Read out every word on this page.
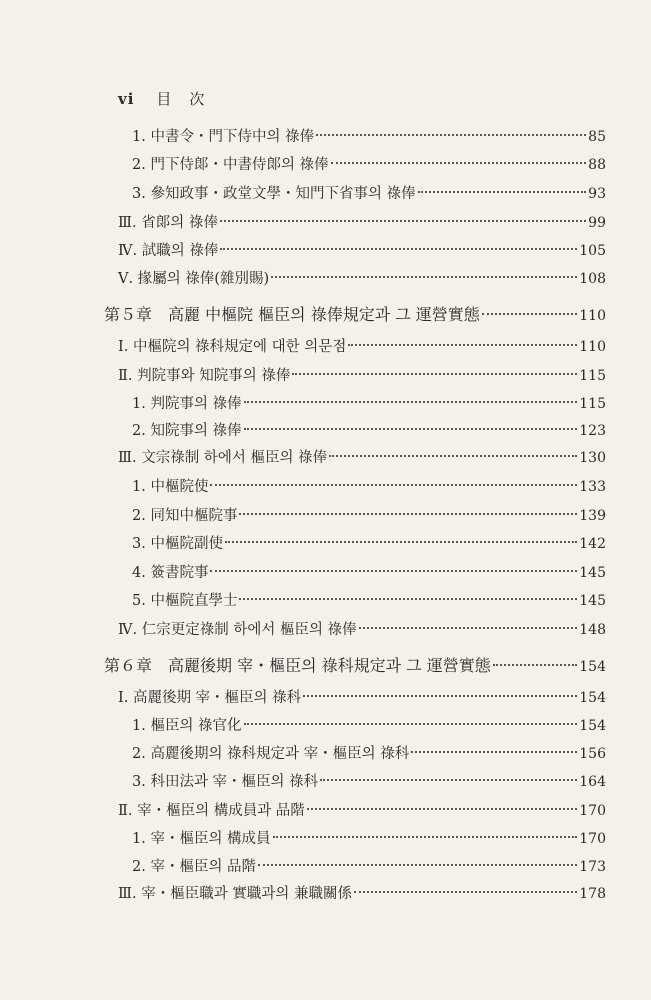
vi 目次
1. 中書令・門下侍中의 祿俸	85
2. 門下侍郞・中書侍郞의 祿俸	88
3. 參知政事・政堂文學・知門下省事의 祿俸	93
Ⅲ. 省郞의 祿俸	99
Ⅳ. 試職의 祿俸	105
Ⅴ. 掾屬의 祿俸(雜別賜)	108
第５章　高麗 中樞院 樞臣의 祿俸規定과 그 運營實態	110
Ⅰ. 中樞院의 祿科規定에 대한 의문점	110
Ⅱ. 判院事와 知院事의 祿俸	115
1. 判院事의 祿俸	115
2. 知院事의 祿俸	123
Ⅲ. 文宗祿制 하에서 樞臣의 祿俸	130
1. 中樞院使	133
2. 同知中樞院事	139
3. 中樞院副使	142
4. 簽書院事	145
5. 中樞院直學士	145
Ⅳ. 仁宗更定祿制 하에서 樞臣의 祿俸	148
第６章　高麗後期 宰・樞臣의 祿科規定과 그 運營實態	154
Ⅰ. 高麗後期 宰・樞臣의 祿科	154
1. 樞臣의 祿官化	154
2. 高麗後期의 祿科規定과 宰・樞臣의 祿科	156
3. 科田法과 宰・樞臣의 祿科	164
Ⅱ. 宰・樞臣의 構成員과 品階	170
1. 宰・樞臣의 構成員	170
2. 宰・樞臣의 品階	173
Ⅲ. 宰・樞臣職과 實職과의 兼職關係	178
